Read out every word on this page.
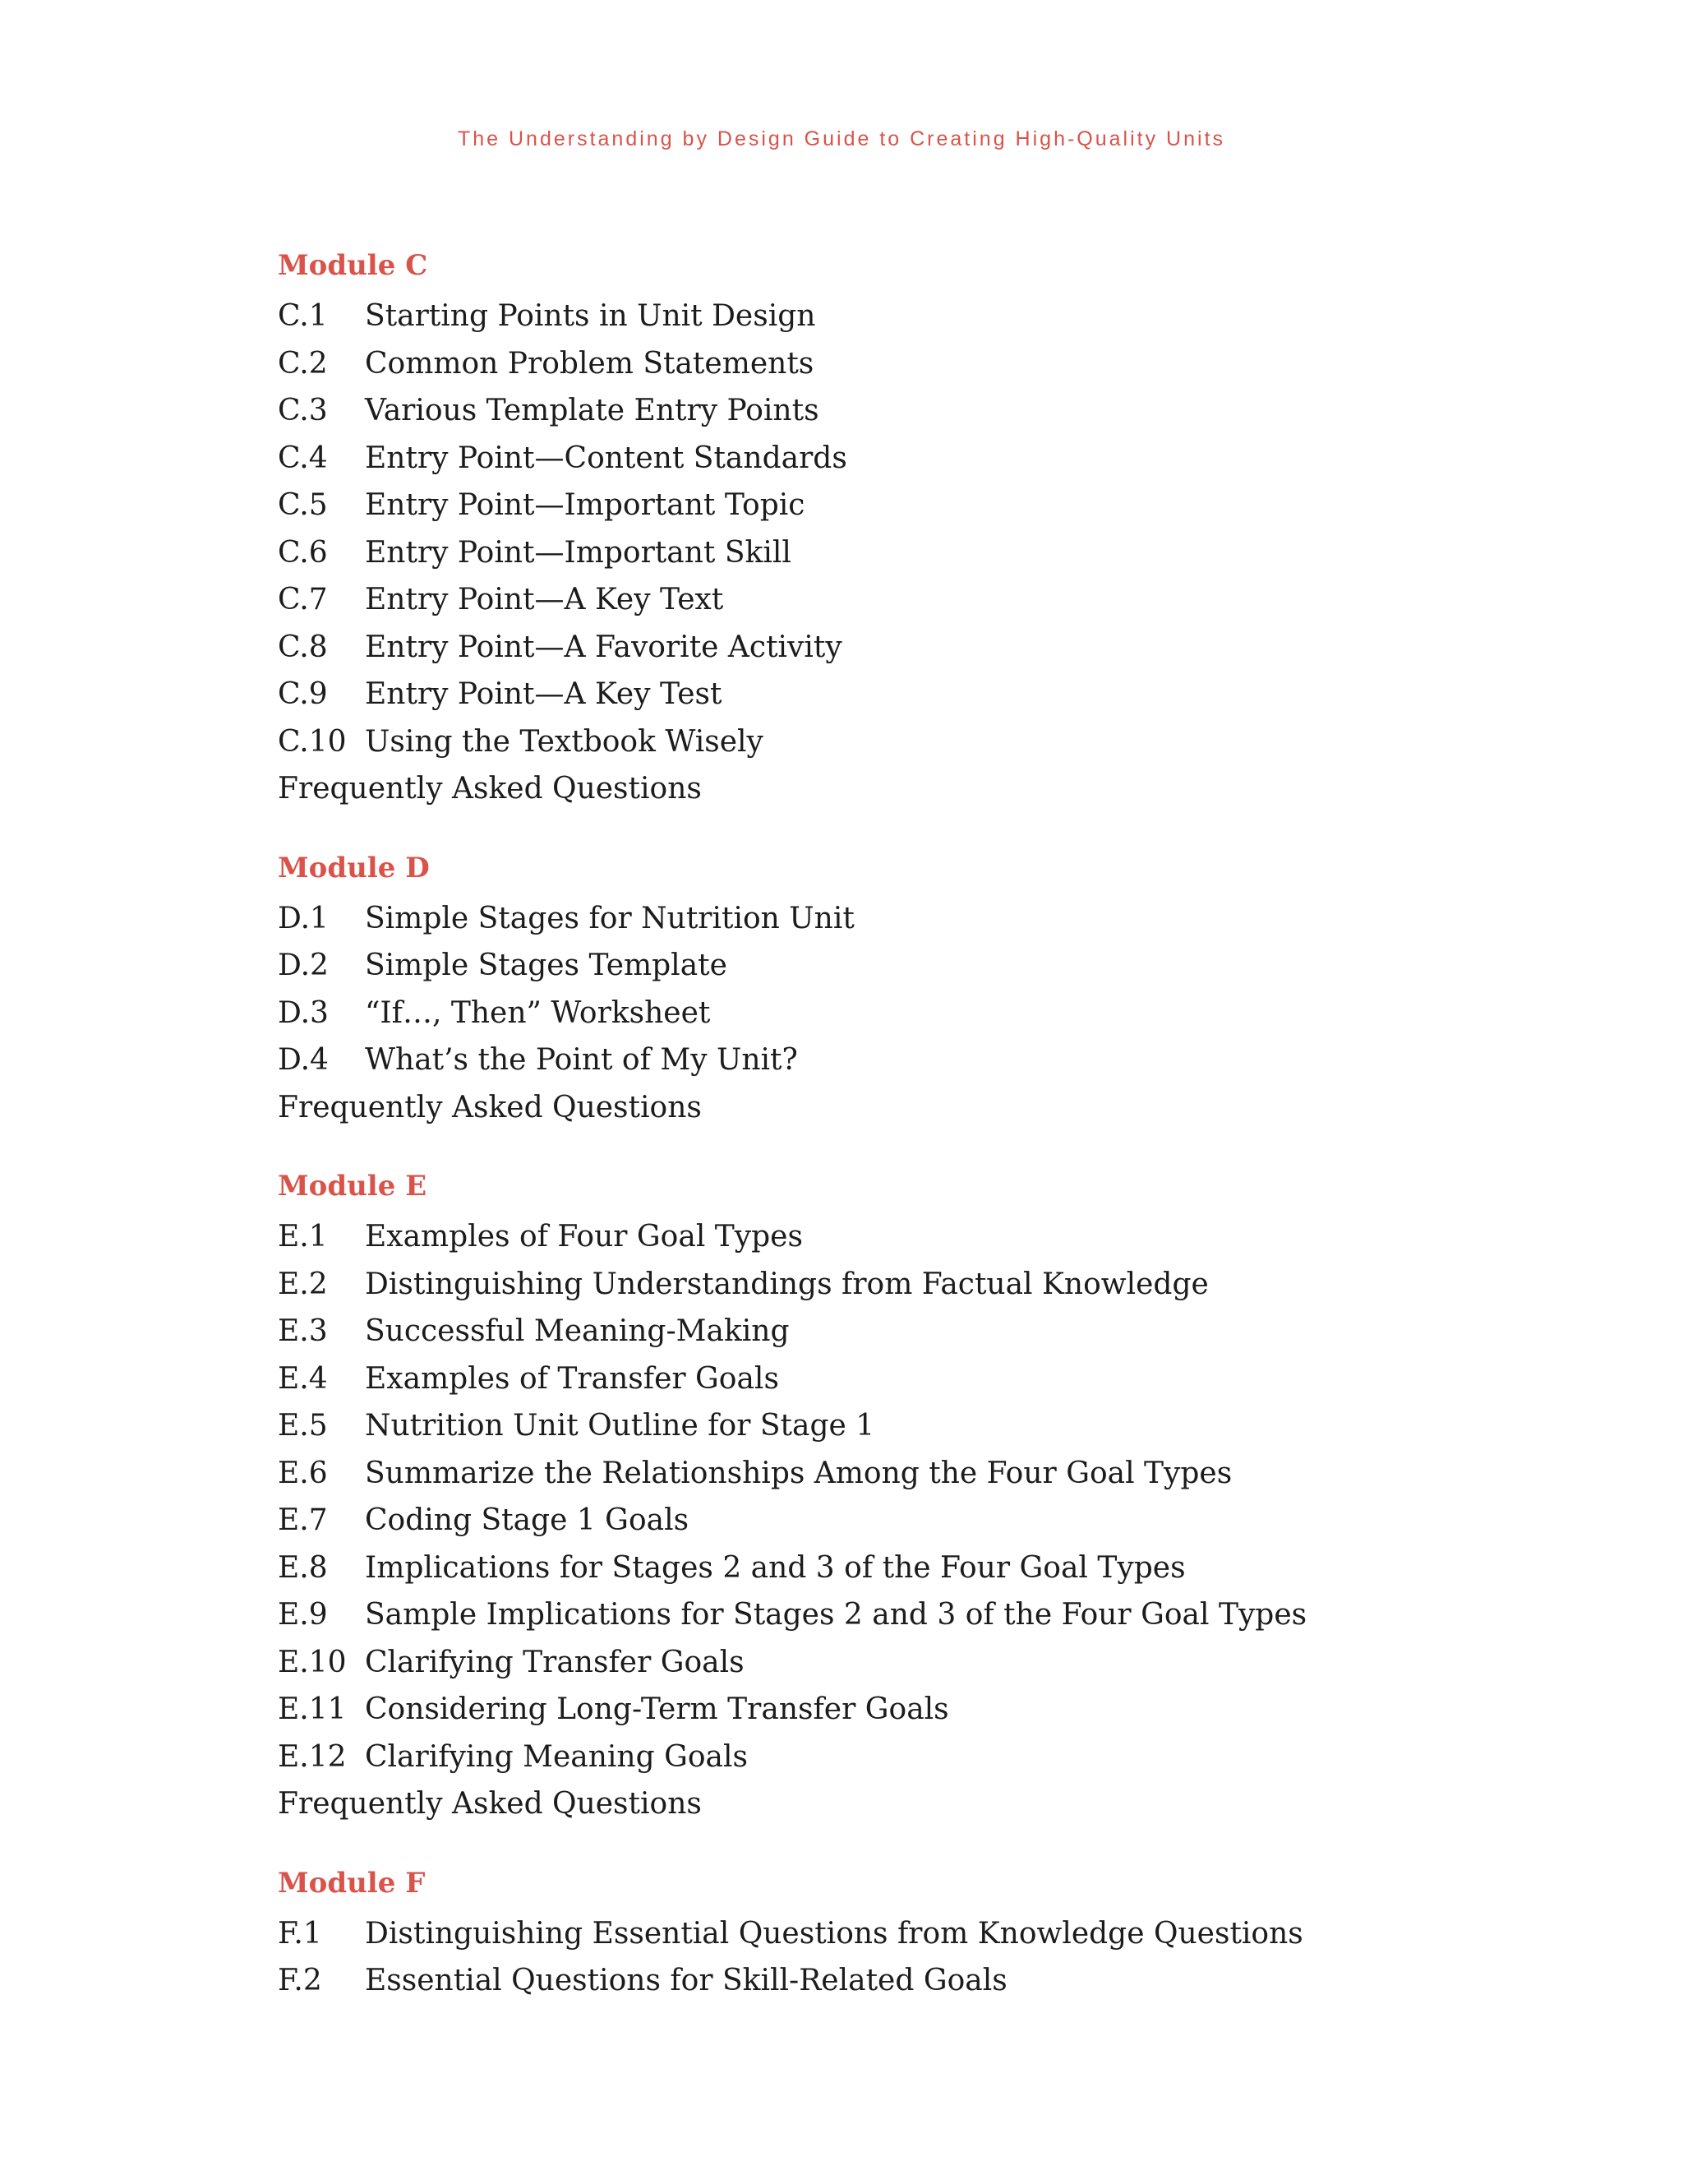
The Understanding by Design Guide to Creating High-Quality Units
Module C
C.1 Starting Points in Unit Design
C.2 Common Problem Statements
C.3 Various Template Entry Points
C.4 Entry Point—Content Standards
C.5 Entry Point—Important Topic
C.6 Entry Point—Important Skill
C.7 Entry Point—A Key Text
C.8 Entry Point—A Favorite Activity
C.9 Entry Point—A Key Test
C.10 Using the Textbook Wisely
Frequently Asked Questions
Module D
D.1 Simple Stages for Nutrition Unit
D.2 Simple Stages Template
D.3 “If…, Then” Worksheet
D.4 What’s the Point of My Unit?
Frequently Asked Questions
Module E
E.1 Examples of Four Goal Types
E.2 Distinguishing Understandings from Factual Knowledge
E.3 Successful Meaning-Making
E.4 Examples of Transfer Goals
E.5 Nutrition Unit Outline for Stage 1
E.6 Summarize the Relationships Among the Four Goal Types
E.7 Coding Stage 1 Goals
E.8 Implications for Stages 2 and 3 of the Four Goal Types
E.9 Sample Implications for Stages 2 and 3 of the Four Goal Types
E.10 Clarifying Transfer Goals
E.11 Considering Long-Term Transfer Goals
E.12 Clarifying Meaning Goals
Frequently Asked Questions
Module F
F.1 Distinguishing Essential Questions from Knowledge Questions
F.2 Essential Questions for Skill-Related Goals
